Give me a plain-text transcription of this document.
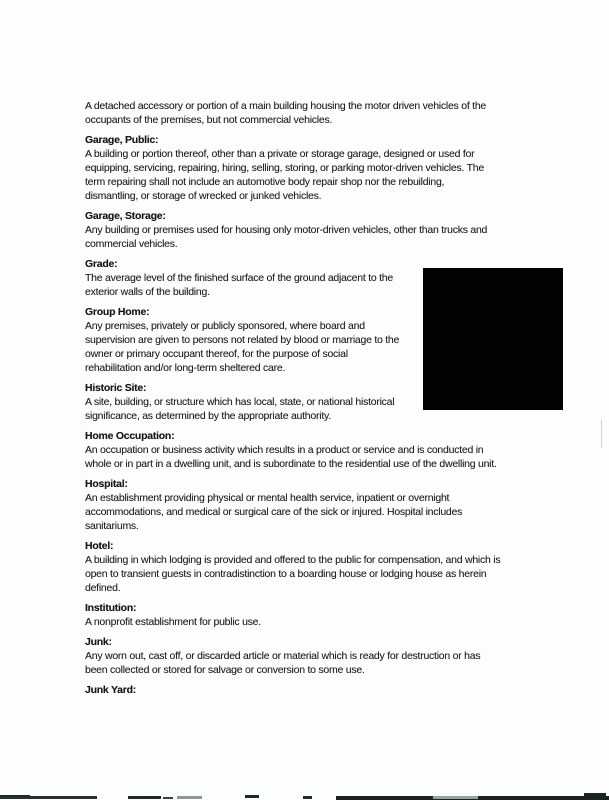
A detached accessory or portion of a main building housing the motor driven vehicles of the
occupants of the premises, but not commercial vehicles.
Garage, Public:
A building or portion thereof, other than a private or storage garage, designed or used for
equipping, servicing, repairing, hiring, selling, storing, or parking motor-driven vehicles. The
term repairing shall not include an automotive body repair shop nor the rebuilding,
dismantling, or storage of wrecked or junked vehicles.
Garage, Storage:
Any building or premises used for housing only motor-driven vehicles, other than trucks and
commercial vehicles.
Grade:
The average level of the finished surface of the ground adjacent to the
exterior walls of the building.
Group Home:
Any premises, privately or publicly sponsored, where board and
supervision are given to persons not related by blood or marriage to the
owner or primary occupant thereof, for the purpose of social
rehabilitation and/or long-term sheltered care.
Historic Site:
A site, building, or structure which has local, state, or national historical
significance, as determined by the appropriate authority.
Home Occupation:
An occupation or business activity which results in a product or service and is conducted in
whole or in part in a dwelling unit, and is subordinate to the residential use of the dwelling unit.
Hospital:
An establishment providing physical or mental health service, inpatient or overnight
accommodations, and medical or surgical care of the sick or injured. Hospital includes
sanitariums.
Hotel:
A building in which lodging is provided and offered to the public for compensation, and which is
open to transient guests in contradistinction to a boarding house or lodging house as herein
defined.
Institution:
A nonprofit establishment for public use.
Junk:
Any worn out, cast off, or discarded article or material which is ready for destruction or has
been collected or stored for salvage or conversion to some use.
Junk Yard:
